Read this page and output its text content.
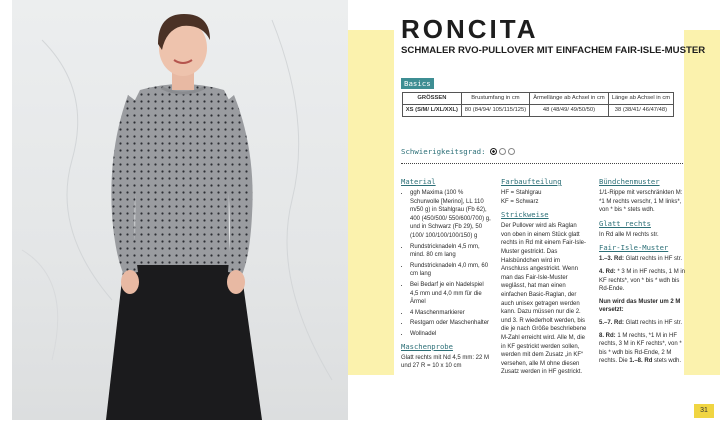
RONCITA
SCHMALER RVO-PULLOVER MIT EINFACHEM FAIR-ISLE-MUSTER
Basics
GRÖSSEN	Brustumfang in cm	Ärmellänge ab Achsel in cm	Länge ab Achsel in cm
XS (S/M/ L/XL/XXL)	80 (84/94/ 105/115/125)	48 (48/49/ 49/50/50)	38 (38/41/ 46/47/48)
Schwierigkeitsgrad:
Material
• ggh Maxima (100 % Schurwolle [Merino], LL 110 m/50 g) in Stahlgrau (Fb 62), 400 (450/500/ 550/600/700) g, und in Schwarz (Fb 29), 50 (100/ 100/100/100/150) g
• Rundstricknadeln 4,5 mm, mind. 80 cm lang
• Rundstricknadeln 4,0 mm, 60 cm lang
• Bei Bedarf je ein Nadelspiel 4,5 mm und 4,0 mm für die Ärmel
• 4 Maschenmarkierer
• Restgarn oder Maschenhalter
• Wollnadel
Maschenprobe

Glatt rechts mit Nd 4,5 mm: 22 M und 27 R = 10 x 10 cm

Farbaufteilung

HF = Stahlgrau
KF = Schwarz

Strickweise

Der Pullover wird als Raglan von oben in einem Stück glatt rechts in Rd mit einem Fair-Isle-Muster gestrickt. Das Halsbündchen wird im Anschluss angestrickt. Wenn man das Fair-Isle-Muster weglässt, hat man einen einfachen Basic-Raglan, der auch unisex getragen werden kann. Dazu müssen nur die 2. und 3. R wiederholt werden, bis die je nach Größe beschriebene M-Zahl erreicht wird. Alle M, die in KF gestrickt werden sollen, werden mit dem Zusatz „in KF“ versehen, alle M ohne diesen Zusatz werden in HF gestrickt.

Bündchenmuster

1/1-Rippe mit verschränkten M: *1 M rechts verschr, 1 M links*, von * bis * stets wdh.

Glatt rechts

In Rd alle M rechts str.

Fair-Isle-Muster

1.–3. Rd: Glatt rechts in HF str.

4. Rd: * 3 M in HF rechts, 1 M in KF rechts*, von * bis * wdh bis Rd-Ende.

Nun wird das Muster um 2 M versetzt:

5.–7. Rd: Glatt rechts in HF str.

8. Rd: 1 M rechts, *1 M in HF rechts, 3 M in KF rechts*, von * bis * wdh bis Rd-Ende, 2 M rechts. Die 1.–8. Rd stets wdh.

31
